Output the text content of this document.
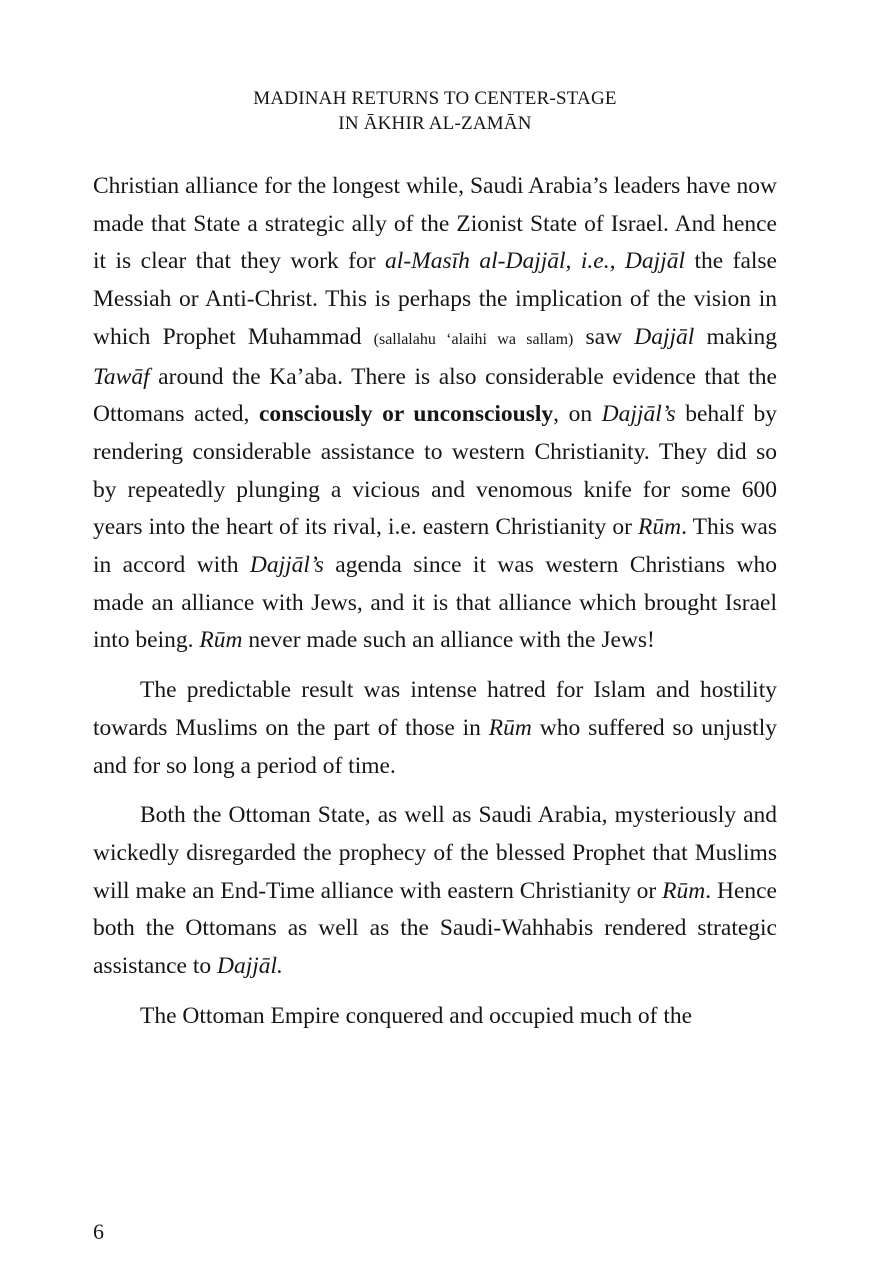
MADINAH RETURNS TO CENTER-STAGE
IN ĀKHIR AL-ZAMĀN

Christian alliance for the longest while, Saudi Arabia’s leaders have now made that State a strategic ally of the Zionist State of Israel. And hence it is clear that they work for al-Masīh al-Dajjāl, i.e., Dajjāl the false Messiah or Anti-Christ. This is perhaps the implication of the vision in which Prophet Muhammad (sallalahu ‘alaihi wa sallam) saw Dajjāl making Tawāf around the Ka’aba. There is also considerable evidence that the Ottomans acted, consciously or unconsciously, on Dajjāl’s behalf by rendering considerable assistance to western Christianity. They did so by repeatedly plunging a vicious and venomous knife for some 600 years into the heart of its rival, i.e. eastern Christianity or Rūm. This was in accord with Dajjāl’s agenda since it was western Christians who made an alliance with Jews, and it is that alliance which brought Israel into being. Rūm never made such an alliance with the Jews!

The predictable result was intense hatred for Islam and hostility towards Muslims on the part of those in Rūm who suffered so unjustly and for so long a period of time.

Both the Ottoman State, as well as Saudi Arabia, mysteriously and wickedly disregarded the prophecy of the blessed Prophet that Muslims will make an End-Time alliance with eastern Christianity or Rūm. Hence both the Ottomans as well as the Saudi-Wahhabis rendered strategic assistance to Dajjāl.

The Ottoman Empire conquered and occupied much of the

6
